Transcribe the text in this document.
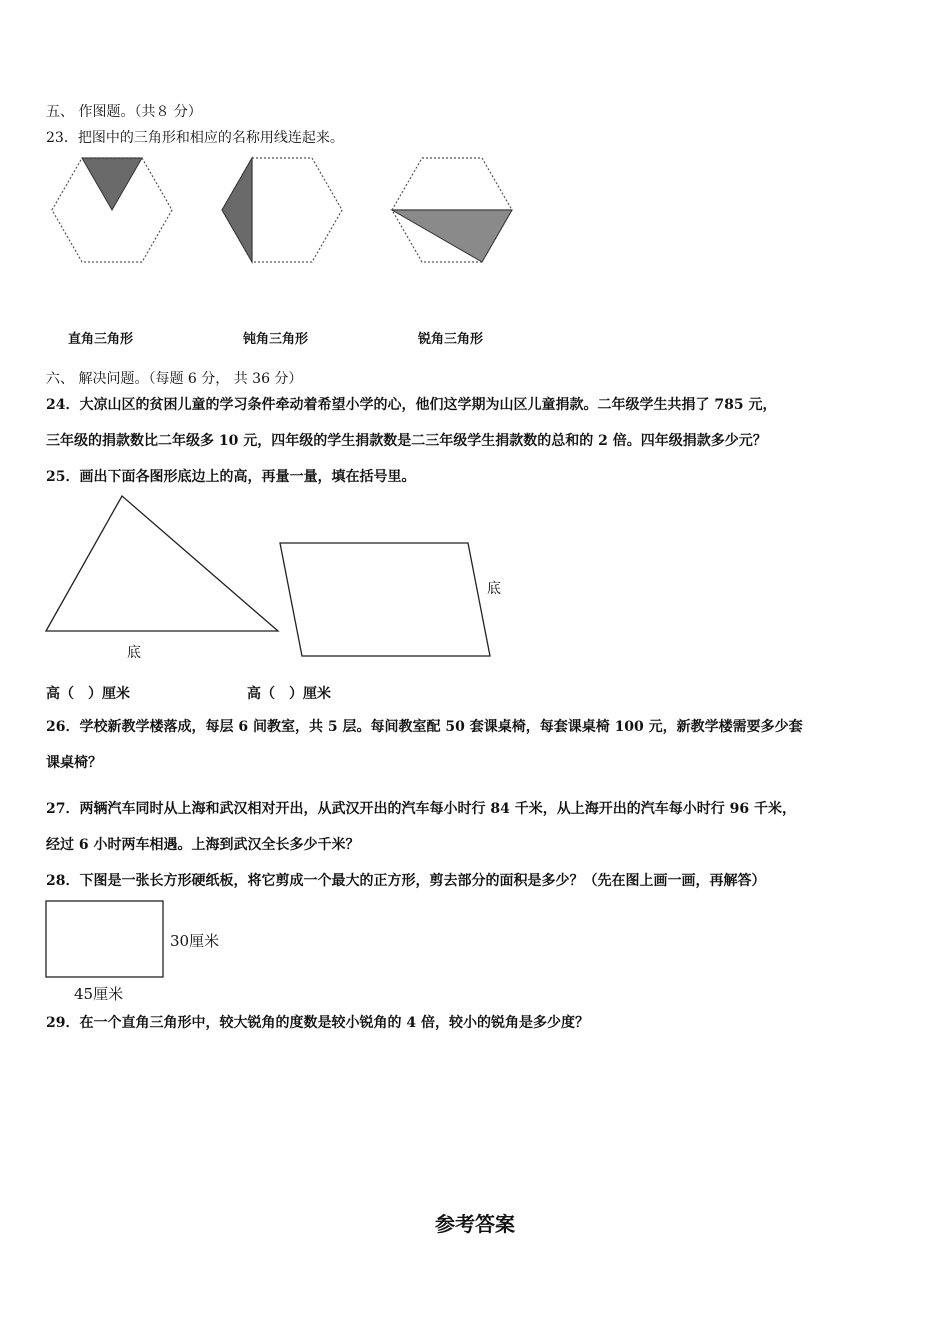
五、 作图题。（共８ 分）
23．把图中的三角形和相应的名称用线连起来。
直角三角形	钝角三角形	锐角三角形
六、 解决问题。（每题 6 分， 共 36 分）
24．大凉山区的贫困儿童的学习条件牵动着希望小学的心，他们这学期为山区儿童捐款。二年级学生共捐了 785 元，
三年级的捐款数比二年级多 10 元，四年级的学生捐款数是二三年级学生捐款数的总和的 2 倍。四年级捐款多少元？
25．画出下面各图形底边上的高，再量一量，填在括号里。
底
底
高（　）厘米	高（　）厘米
26．学校新教学楼落成，每层 6 间教室，共 5 层。每间教室配 50 套课桌椅，每套课桌椅 100 元，新教学楼需要多少套
课桌椅？
27．两辆汽车同时从上海和武汉相对开出，从武汉开出的汽车每小时行 84 千米，从上海开出的汽车每小时行 96 千米，
经过 6 小时两车相遇。上海到武汉全长多少千米？
28．下图是一张长方形硬纸板，将它剪成一个最大的正方形，剪去部分的面积是多少？（先在图上画一画，再解答）
30厘米
45厘米
29．在一个直角三角形中，较大锐角的度数是较小锐角的 4 倍，较小的锐角是多少度？
参考答案
